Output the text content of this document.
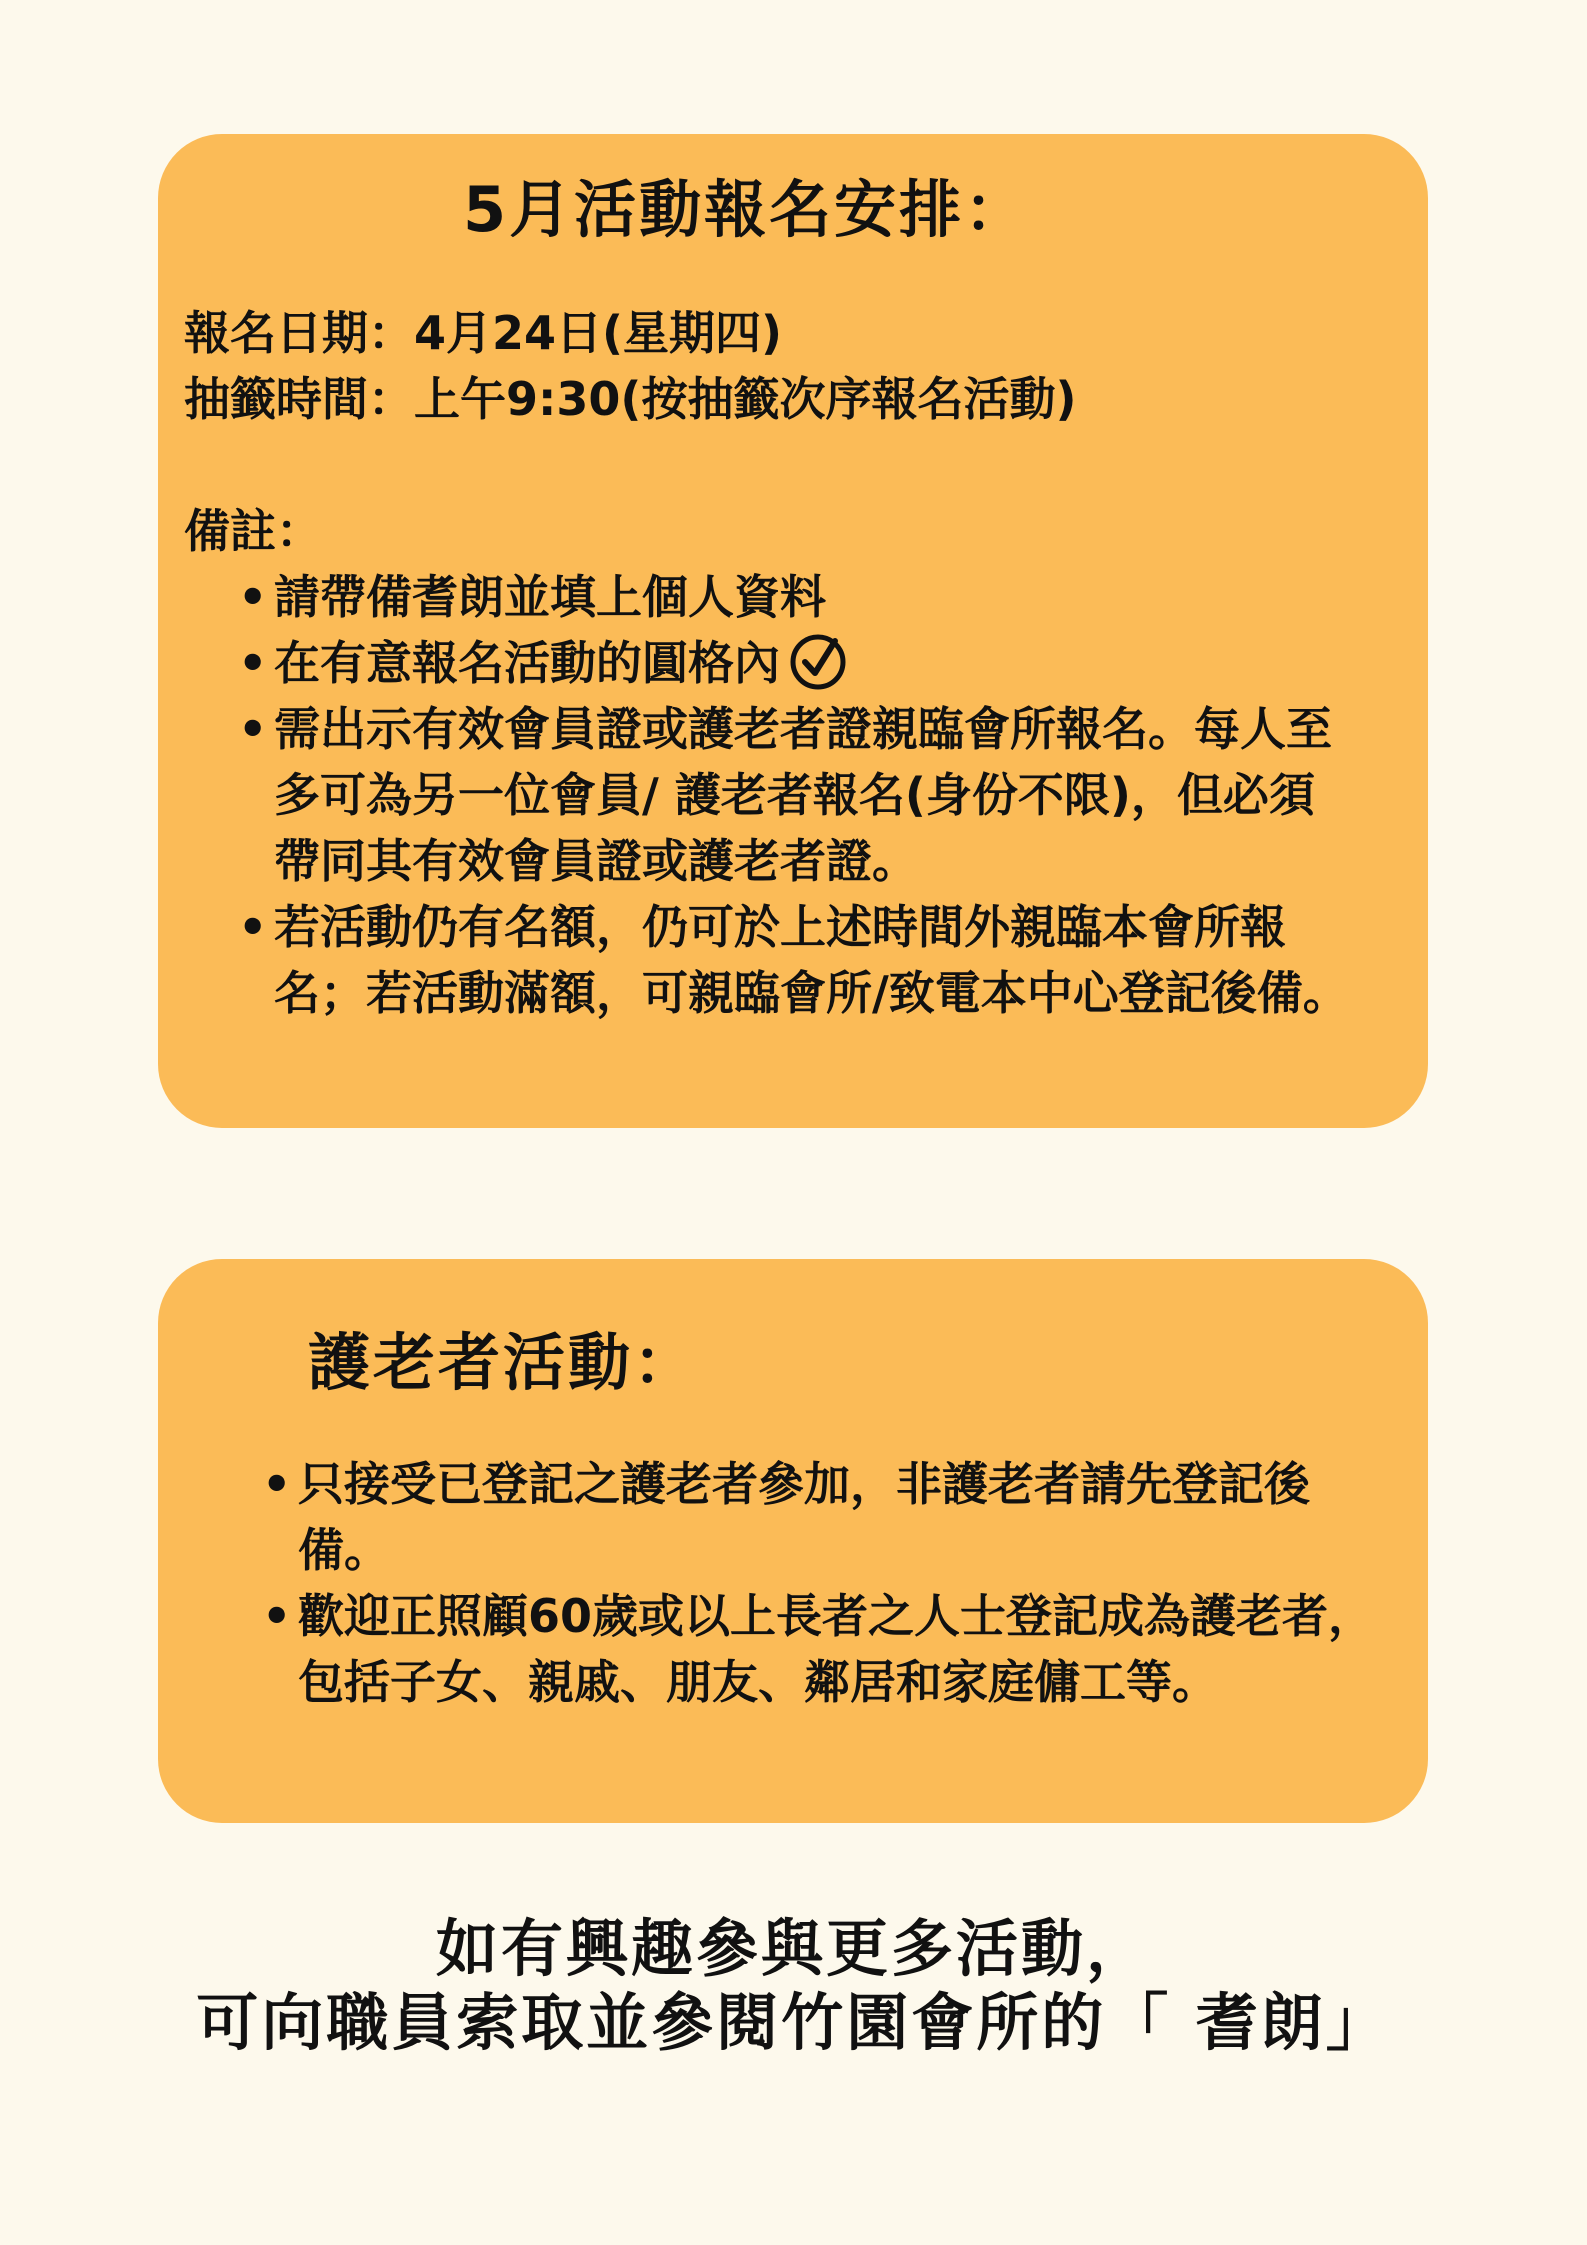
5月活動報名安排：
報名日期：4月24日(星期四)
抽籤時間：上午9:30(按抽籤次序報名活動)
備註：
• 請帶備耆朗並填上個人資料
• 在有意報名活動的圓格內
• 需出示有效會員證或護老者證親臨會所報名。每人至多可為另一位會員/ 護老者報名(身份不限)，但必須帶同其有效會員證或護老者證。
• 若活動仍有名額，仍可於上述時間外親臨本會所報名；若活動滿額，可親臨會所/致電本中心登記後備。
護老者活動：
• 只接受已登記之護老者參加，非護老者請先登記後備。
• 歡迎正照顧60歲或以上長者之人士登記成為護老者，包括子女、親戚、朋友、鄰居和家庭傭工等。
如有興趣參與更多活動，
可向職員索取並參閱竹園會所的「 耆朗」
